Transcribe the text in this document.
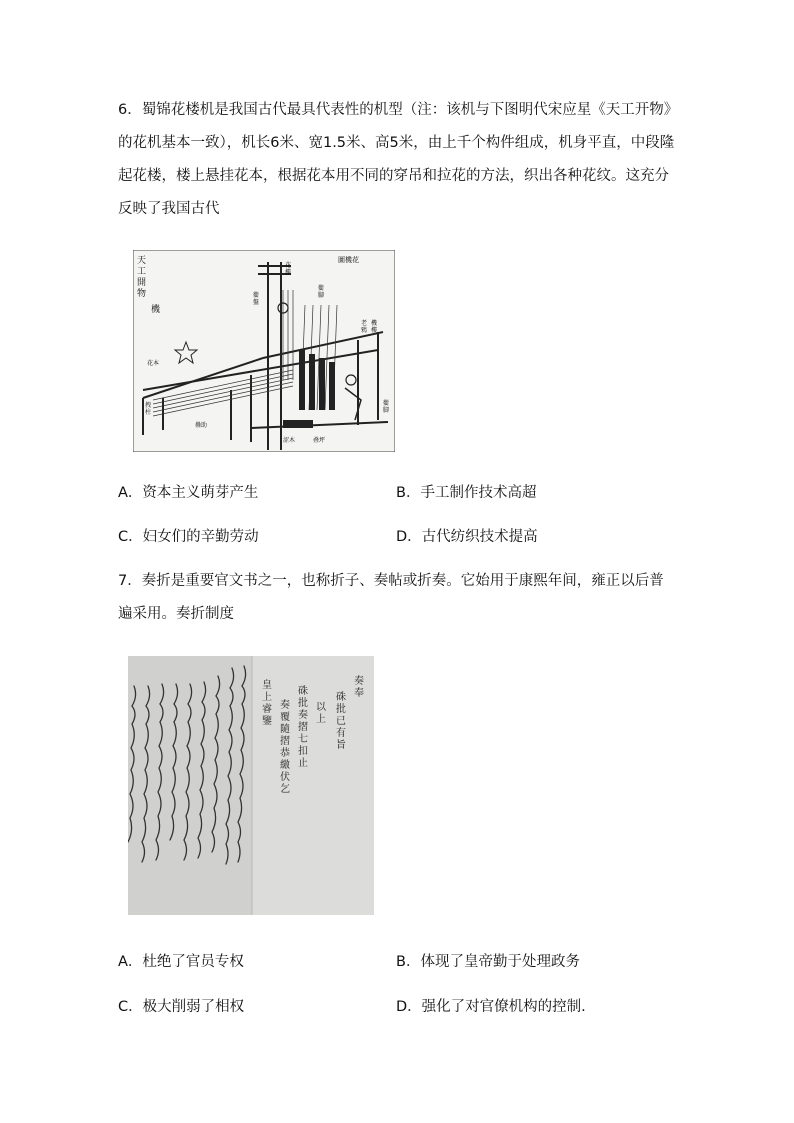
6．蜀锦花楼机是我国古代最具代表性的机型（注：该机与下图明代宋应星《天工开物》的花机基本一致），机长6米、宽1.5米、高5米，由上千个构件组成，机身平直，中段隆起花楼，楼上悬挂花本，根据花本用不同的穿吊和拉花的方法，织出各种花纹。这充分反映了我国古代

天工開物
機
圖機花
花樓
衢盤
衢腳
機樓
花本
老鴉
拽柱
疊助
衢脚
涩木	叠坪
A．资本主义萌芽产生	B．手工制作技术高超
C．妇女们的辛勤劳动	D．古代纺织技术提高

7．奏折是重要官文书之一，也称折子、奏帖或折奏。它始用于康熙年间，雍正以后普遍采用。奏折制度

奏奉
硃批已有旨
以上
硃批奏摺七扣止
奏覆隨摺恭繳伏乞
皇上睿鑒
A．杜绝了官员专权	B．体现了皇帝勤于处理政务
C．极大削弱了相权	D．强化了对官僚机构的控制.
